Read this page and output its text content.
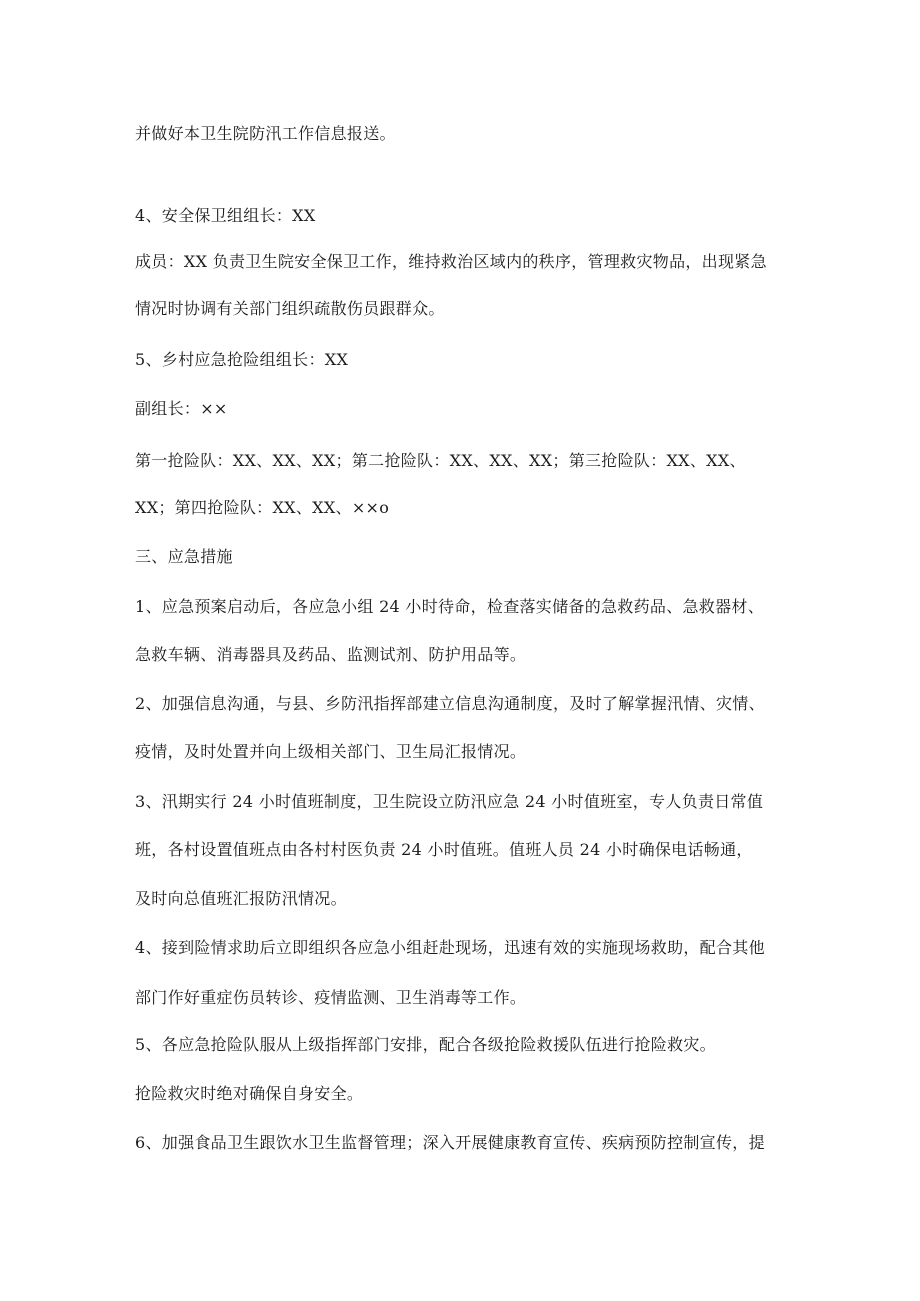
并做好本卫生院防汛工作信息报送。
4、安全保卫组组长：XX
成员：XX 负责卫生院安全保卫工作，维持救治区域内的秩序，管理救灾物品，出现紧急
情况时协调有关部门组织疏散伤员跟群众。
5、乡村应急抢险组组长：XX
副组长：××
第一抢险队：XX、XX、XX；第二抢险队：XX、XX、XX；第三抢险队：XX、XX、
XX；第四抢险队：XX、XX、××o
三、应急措施
1、应急预案启动后，各应急小组 24 小时待命，检查落实储备的急救药品、急救器材、
急救车辆、消毒器具及药品、监测试剂、防护用品等。
2、加强信息沟通，与县、乡防汛指挥部建立信息沟通制度，及时了解掌握汛情、灾情、
疫情，及时处置并向上级相关部门、卫生局汇报情况。
3、汛期实行 24 小时值班制度，卫生院设立防汛应急 24 小时值班室，专人负责日常值
班，各村设置值班点由各村村医负责 24 小时值班。值班人员 24 小时确保电话畅通，
及时向总值班汇报防汛情况。
4、接到险情求助后立即组织各应急小组赶赴现场，迅速有效的实施现场救助，配合其他
部门作好重症伤员转诊、疫情监测、卫生消毒等工作。
5、各应急抢险队服从上级指挥部门安排，配合各级抢险救援队伍进行抢险救灾。
抢险救灾时绝对确保自身安全。
6、加强食品卫生跟饮水卫生监督管理；深入开展健康教育宣传、疾病预防控制宣传，提
